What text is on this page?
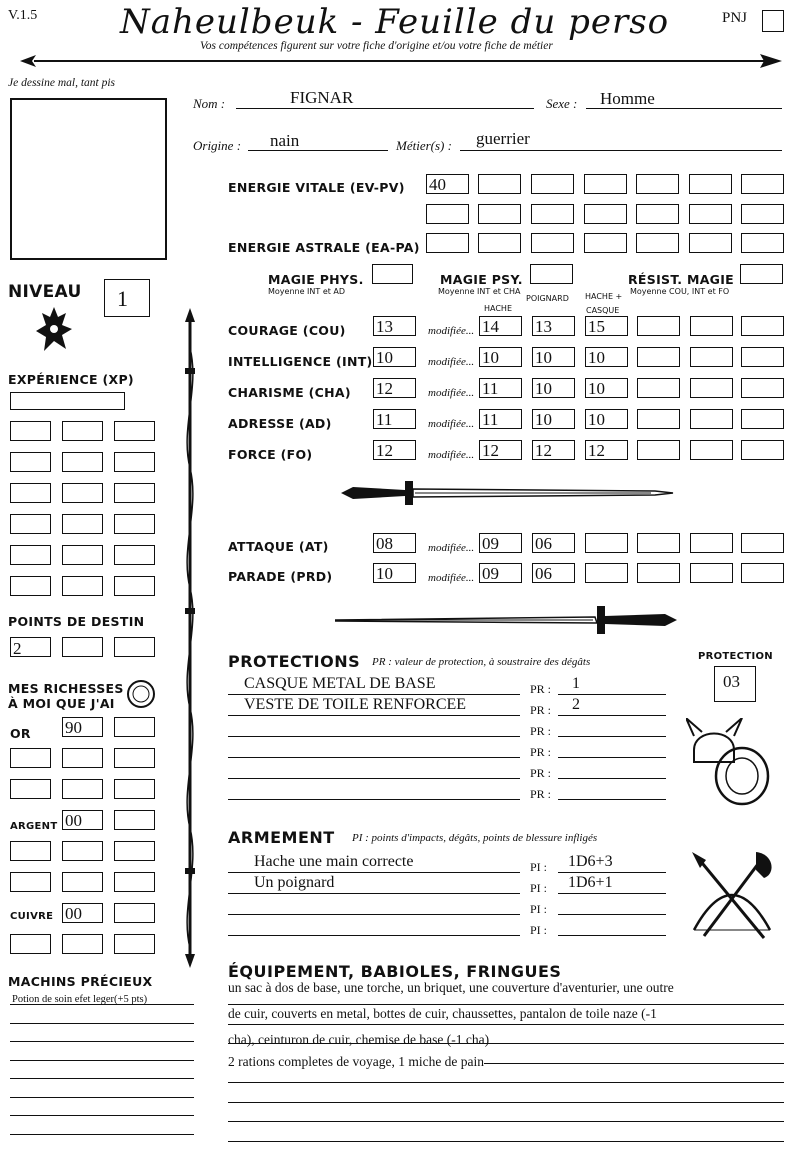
V.1.5 Naheulbeuk - Feuille du perso	PNJ
Vos compétences figurent sur votre fiche d'origine et/ou votre fiche de métier
Je dessine mal, tant pis
NIVEAU 1
EXPÉRIENCE (XP)
POINTS DE DESTIN
2
MES RICHESSES
À MOI QUE J'AI
OR
ARGENT
CUIVRE
MACHINS PRÉCIEUX
Potion de soin efet leger(+5 pts)
Nom :	FIGNAR	Sexe : Homme
Origine : nain	Métier(s) : guerrier
ENERGIE VITALE (EV-PV)
ENERGIE ASTRALE (EA-PA)
MAGIE PHYS.
Moyenne INT et AD
MAGIE PSY.
Moyenne INT et CHA
RÉSIST. MAGIE
Moyenne COU, INT et FO
HACHE
POIGNARD HACHE +
CASQUE
PROTECTIONS PR : valeur de protection, à soustraire des dégâts	PROTECTION
03
ARMEMENT PI : points d'impacts, dégâts, points de blessure infligés
ÉQUIPEMENT, BABIOLES, FRINGUES
90
00
00
40
COURAGE (COU) 13	modifiée... 14 13 15
INTELLIGENCE (INT) 10	modifiée... 10 10 10
CHARISME (CHA) 12	modifiée... 11 10 10
ADRESSE (AD)	11	modifiée... 11 10 10
FORCE (FO)	12	modifiée... 12 12 12
ATTAQUE (AT)	08	modifiée... 09 06
PARADE (PRD)	10	modifiée... 09 06
PR :
CASQUE METAL DE BASE	1
PR :
VESTE DE TOILE RENFORCEE	2
PR :
PR :
PR :
PR :
PI :
Hache une main correcte	1D6+3
PI :
Un poignard	1D6+1
PI :
PI :
un sac à dos de base, une torche, un briquet, une couverture d'aventurier, une outre
de cuir, couverts en metal, bottes de cuir, chaussettes, pantalon de toile naze (-1
cha), ceinturon de cuir, chemise de base (-1 cha)
2 rations completes de voyage, 1 miche de pain
